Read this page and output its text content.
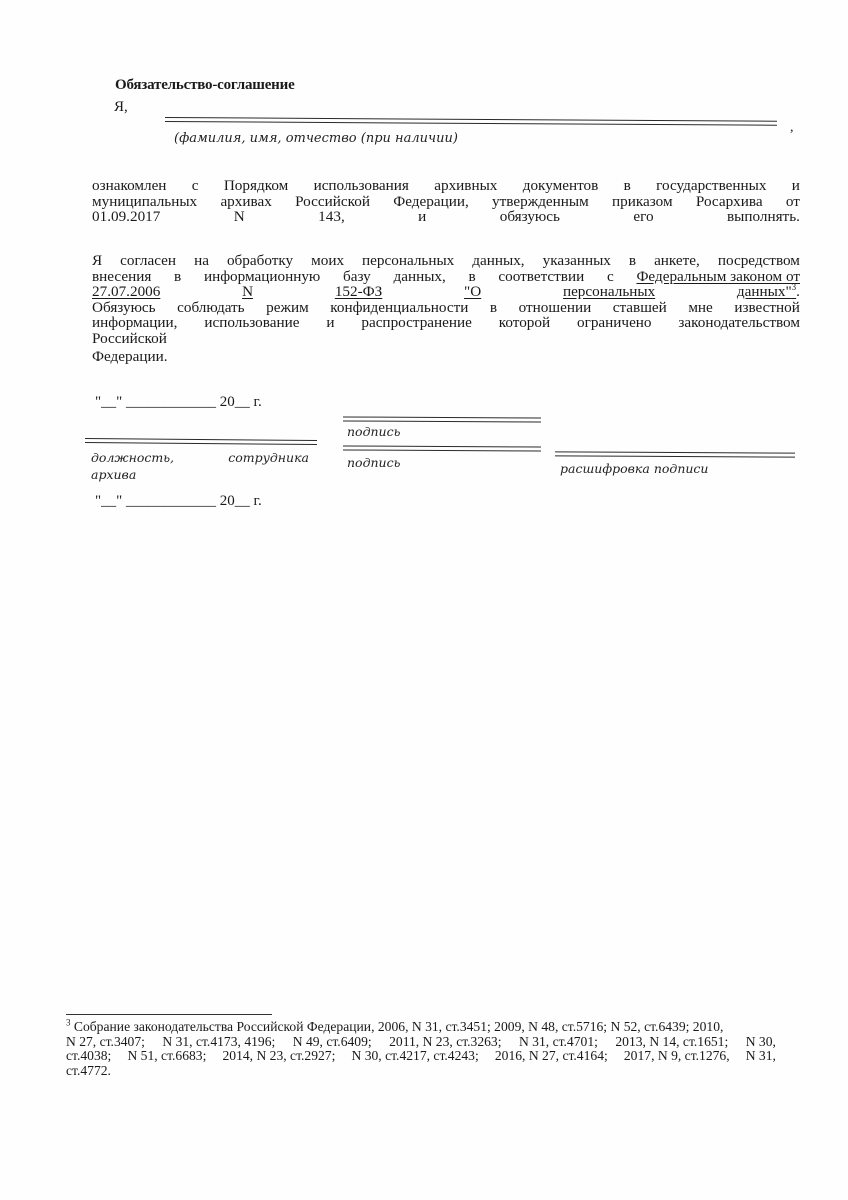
Обязательство-соглашение
Я,
(фамилия, имя, отчество (при наличии)
,
ознакомлен с Порядком использования архивных документов в государственных и
муниципальных архивах Российской Федерации, утвержденным приказом Росархива от
01.09.2017	N	143,	и	обязуюсь	его	выполнять.
Я согласен на обработку моих персональных данных, указанных в анкете, посредством
внесения в информационную базу данных, в соответствии с Федеральным законом от
27.07.2006	N	152-ФЗ	"О	персональных	данных"$^3$.
Обязуюсь соблюдать режим конфиденциальности в отношении ставшей мне известной
информации, использование и распространение которой ограничено законодательством
Российской
Федерации.
"__" ____________ 20__ г.
подпись
должность,	сотрудника
архива
подпись	расшифровка подписи
"__" ____________ 20__ г.
$^3$ Собрание законодательства Российской Федерации, 2006, N 31, ст.3451; 2009, N 48, ст.5716; N 52, ст.6439; 2010,
N 27, ст.3407; N 31, ст.4173, 4196; N 49, ст.6409; 2011, N 23, ст.3263; N 31, ст.4701; 2013, N 14, ст.1651; N 30,
ст.4038; N 51, ст.6683; 2014, N 23, ст.2927; N 30, ст.4217, ст.4243; 2016, N 27, ст.4164; 2017, N 9, ст.1276, N 31,
ст.4772.
